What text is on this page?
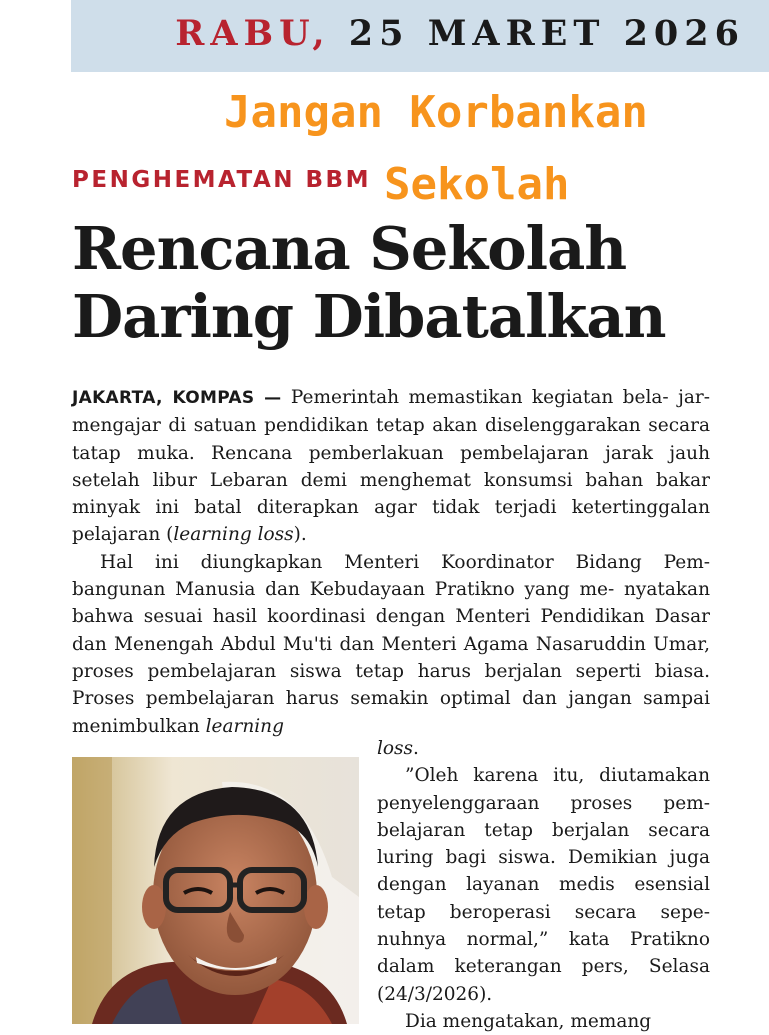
RABU, 25 MARET 2026
Jangan Korbankan
Sekolah
PENGHEMATAN BBM
Rencana Sekolah
Daring Dibatalkan

JAKARTA, KOMPAS — Pemerintah memastikan kegiatan bela- jar-mengajar di satuan pendidikan tetap akan diselenggarakan secara tatap muka. Rencana pemberlakuan pembelajaran jarak jauh setelah libur Lebaran demi menghemat konsumsi bahan bakar minyak ini batal diterapkan agar tidak terjadi ketertinggalan pelajaran (learning loss).

Hal ini diungkapkan Menteri Koordinator Bidang Pem- bangunan Manusia dan Kebudayaan Pratikno yang me- nyatakan bahwa sesuai hasil koordinasi dengan Menteri Pendidikan Dasar dan Menengah Abdul Mu'ti dan Menteri Agama Nasaruddin Umar, proses pembelajaran siswa tetap harus berjalan seperti biasa. Proses pembelajaran harus semakin optimal dan jangan sampai menimbulkan learning

loss.

”Oleh karena itu, diutamakan penyelenggaraan proses pem- belajaran tetap berjalan secara luring bagi siswa. Demikian juga dengan layanan medis esensial tetap beroperasi secara sepe- nuhnya normal,” kata Pratikno dalam keterangan pers, Selasa (24/3/2026).

Dia mengatakan, memang
